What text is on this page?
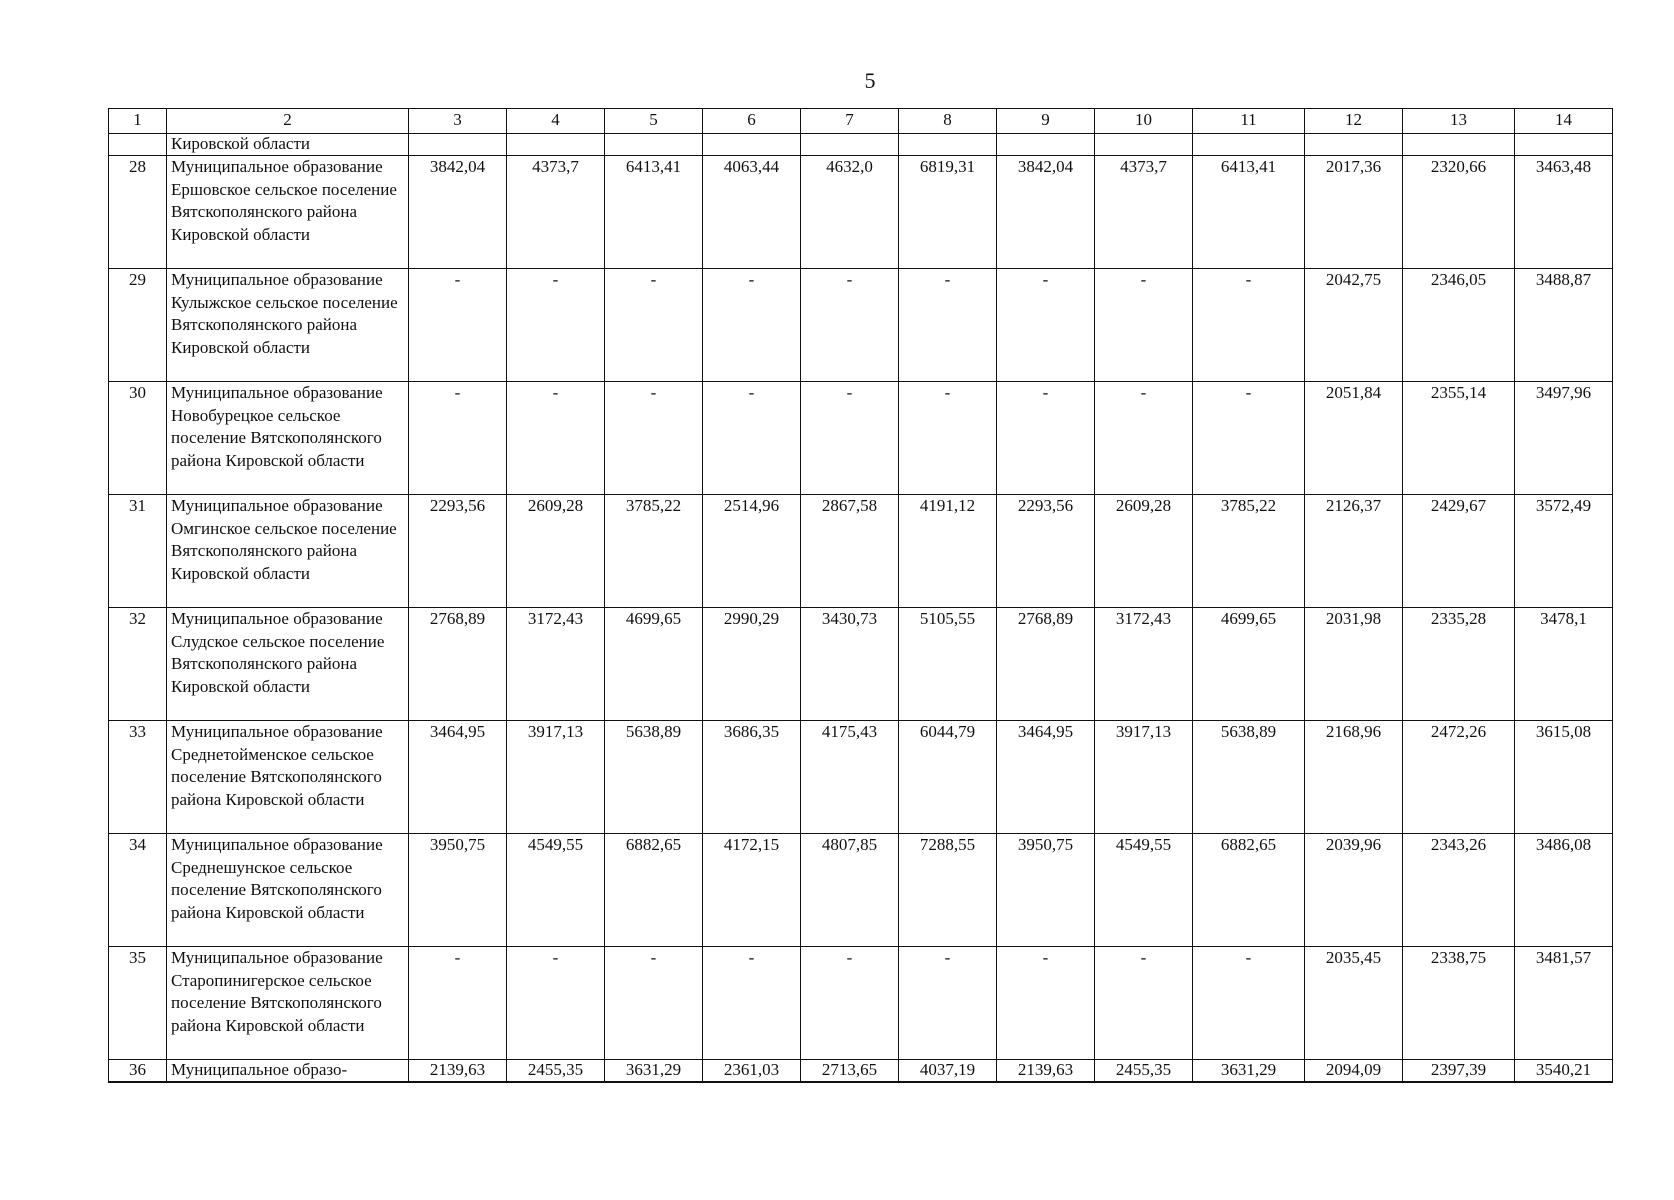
5
1	2	3	4	5	6	7	8	9	10	11	12	13	14
	Кировской области												
28	Муниципальное образование Ершовское сельское поселение Вятскополянского района Кировской области	3842,04	4373,7	6413,41	4063,44	4632,0	6819,31	3842,04	4373,7	6413,41	2017,36	2320,66	3463,48
29	Муниципальное образование Кулыжское сельское поселение Вятскополянского района Кировской области	-	-	-	-	-	-	-	-	-	2042,75	2346,05	3488,87
30	Муниципальное образование Новобурецкое сельское поселение Вятскополянского района Кировской области	-	-	-	-	-	-	-	-	-	2051,84	2355,14	3497,96
31	Муниципальное образование Омгинское сельское поселение Вятскополянского района Кировской области	2293,56	2609,28	3785,22	2514,96	2867,58	4191,12	2293,56	2609,28	3785,22	2126,37	2429,67	3572,49
32	Муниципальное образование Слудское сельское поселение Вятскополянского района Кировской области	2768,89	3172,43	4699,65	2990,29	3430,73	5105,55	2768,89	3172,43	4699,65	2031,98	2335,28	3478,1
33	Муниципальное образование Среднетойменское сельское поселение Вятскополянского района Кировской области	3464,95	3917,13	5638,89	3686,35	4175,43	6044,79	3464,95	3917,13	5638,89	2168,96	2472,26	3615,08
34	Муниципальное образование Среднешунское сельское поселение Вятскополянского района Кировской области	3950,75	4549,55	6882,65	4172,15	4807,85	7288,55	3950,75	4549,55	6882,65	2039,96	2343,26	3486,08
35	Муниципальное образование Старопинигерское сельское поселение Вятскополянского района Кировской области	-	-	-	-	-	-	-	-	-	2035,45	2338,75	3481,57
36	Муниципальное образо-	2139,63	2455,35	3631,29	2361,03	2713,65	4037,19	2139,63	2455,35	3631,29	2094,09	2397,39	3540,21
